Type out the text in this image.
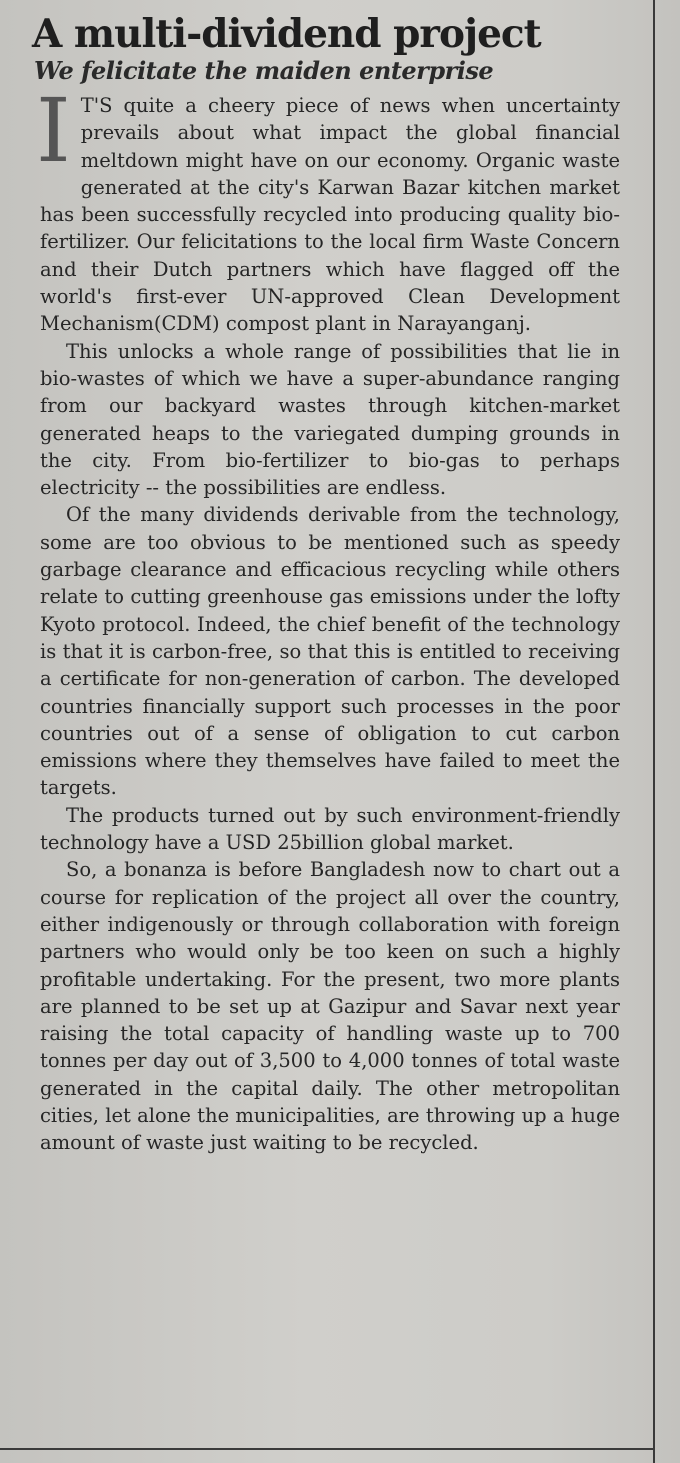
A multi-dividend project
We felicitate the maiden enterprise

I T'S quite a cheery piece of news when uncertainty prevails about what impact the global financial meltdown might have on our economy. Organic waste generated at the city's Karwan Bazar kitchen market has been successfully recycled into producing quality bio-fertilizer. Our felicitations to the local firm Waste Concern and their Dutch partners which have flagged off the world's first-ever UN-approved Clean Development Mechanism(CDM) compost plant in Narayanganj.

This unlocks a whole range of possibilities that lie in bio-wastes of which we have a super-abundance ranging from our backyard wastes through kitchen-market generated heaps to the variegated dumping grounds in the city. From bio-fertilizer to bio-gas to perhaps electricity -- the possibilities are endless.

Of the many dividends derivable from the technology, some are too obvious to be mentioned such as speedy garbage clearance and efficacious recycling while others relate to cutting greenhouse gas emissions under the lofty Kyoto protocol. Indeed, the chief benefit of the technology is that it is carbon-free, so that this is entitled to receiving a certificate for non-generation of carbon. The developed countries financially support such processes in the poor countries out of a sense of obligation to cut carbon emissions where they themselves have failed to meet the targets.

The products turned out by such environment-friendly technology have a USD 25billion global market.

So, a bonanza is before Bangladesh now to chart out a course for replication of the project all over the country, either indigenously or through collaboration with foreign partners who would only be too keen on such a highly profitable undertaking. For the present, two more plants are planned to be set up at Gazipur and Savar next year raising the total capacity of handling waste up to 700 tonnes per day out of 3,500 to 4,000 tonnes of total waste generated in the capital daily. The other metropolitan cities, let alone the municipalities, are throwing up a huge amount of waste just waiting to be recycled.
